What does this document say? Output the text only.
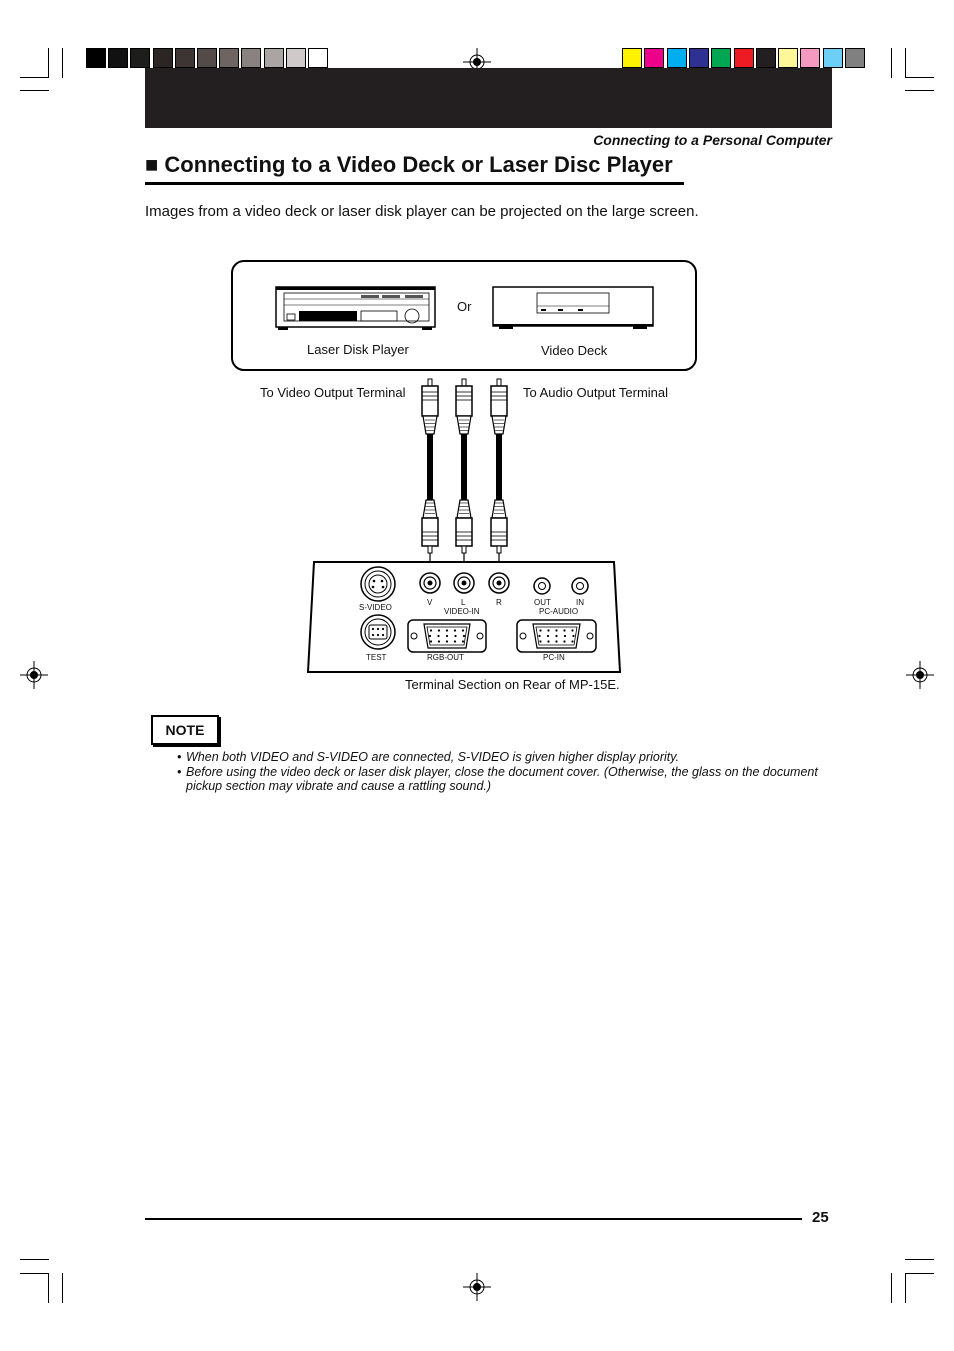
Connecting to a Personal Computer
■ Connecting to a Video Deck or Laser Disc Player
Images from a video deck or laser disk player can be projected on the large screen.
Or
Laser Disk Player	Video Deck
To Video Output Terminal	To Audio Output Terminal
S-VIDEO
TEST
V	L	R
VIDEO-IN
OUT	IN
PC-AUDIO
RGB-OUT	PC-IN
Terminal Section on Rear of MP-15E.
NOTE
• When both VIDEO and S-VIDEO are connected, S-VIDEO is given higher display priority.
• Before using the video deck or laser disk player, close the document cover. (Otherwise, the glass on the document pickup section may vibrate and cause a rattling sound.)
25
